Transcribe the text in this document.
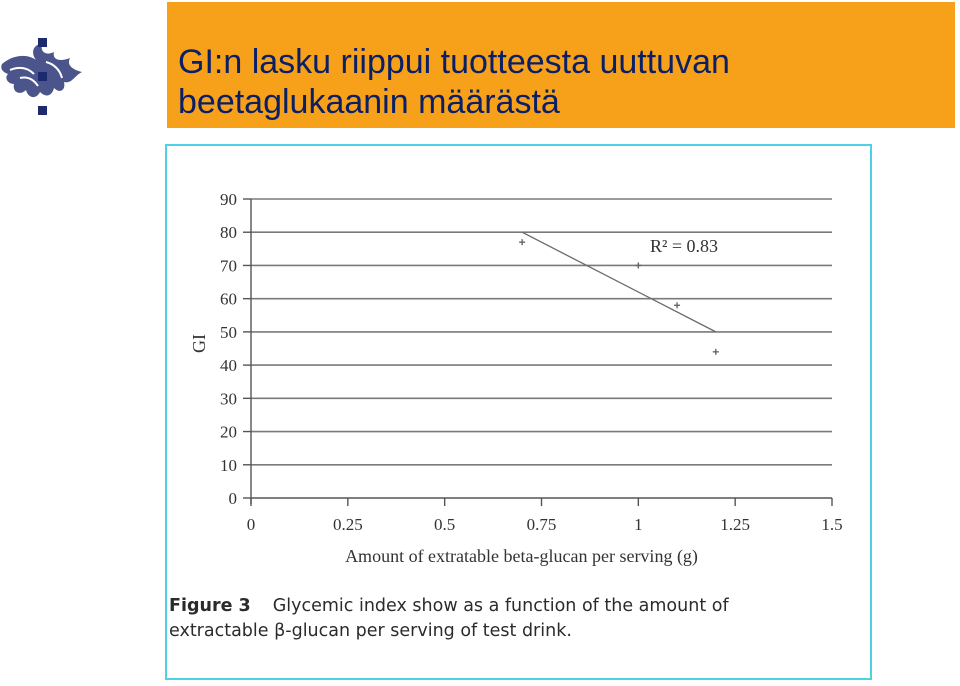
GI:n lasku riippui tuotteesta uuttuvan
beetaglukaanin määrästä
0
10
20
30
40
50
60
70
80
90
0	0.25	0.5	0.75	1	1.25	1.5
GI
Amount of extratable beta-glucan per serving (g)
R² = 0.83
Figure 3 Glycemic index show as a function of the amount of
extractable β-glucan per serving of test drink.
